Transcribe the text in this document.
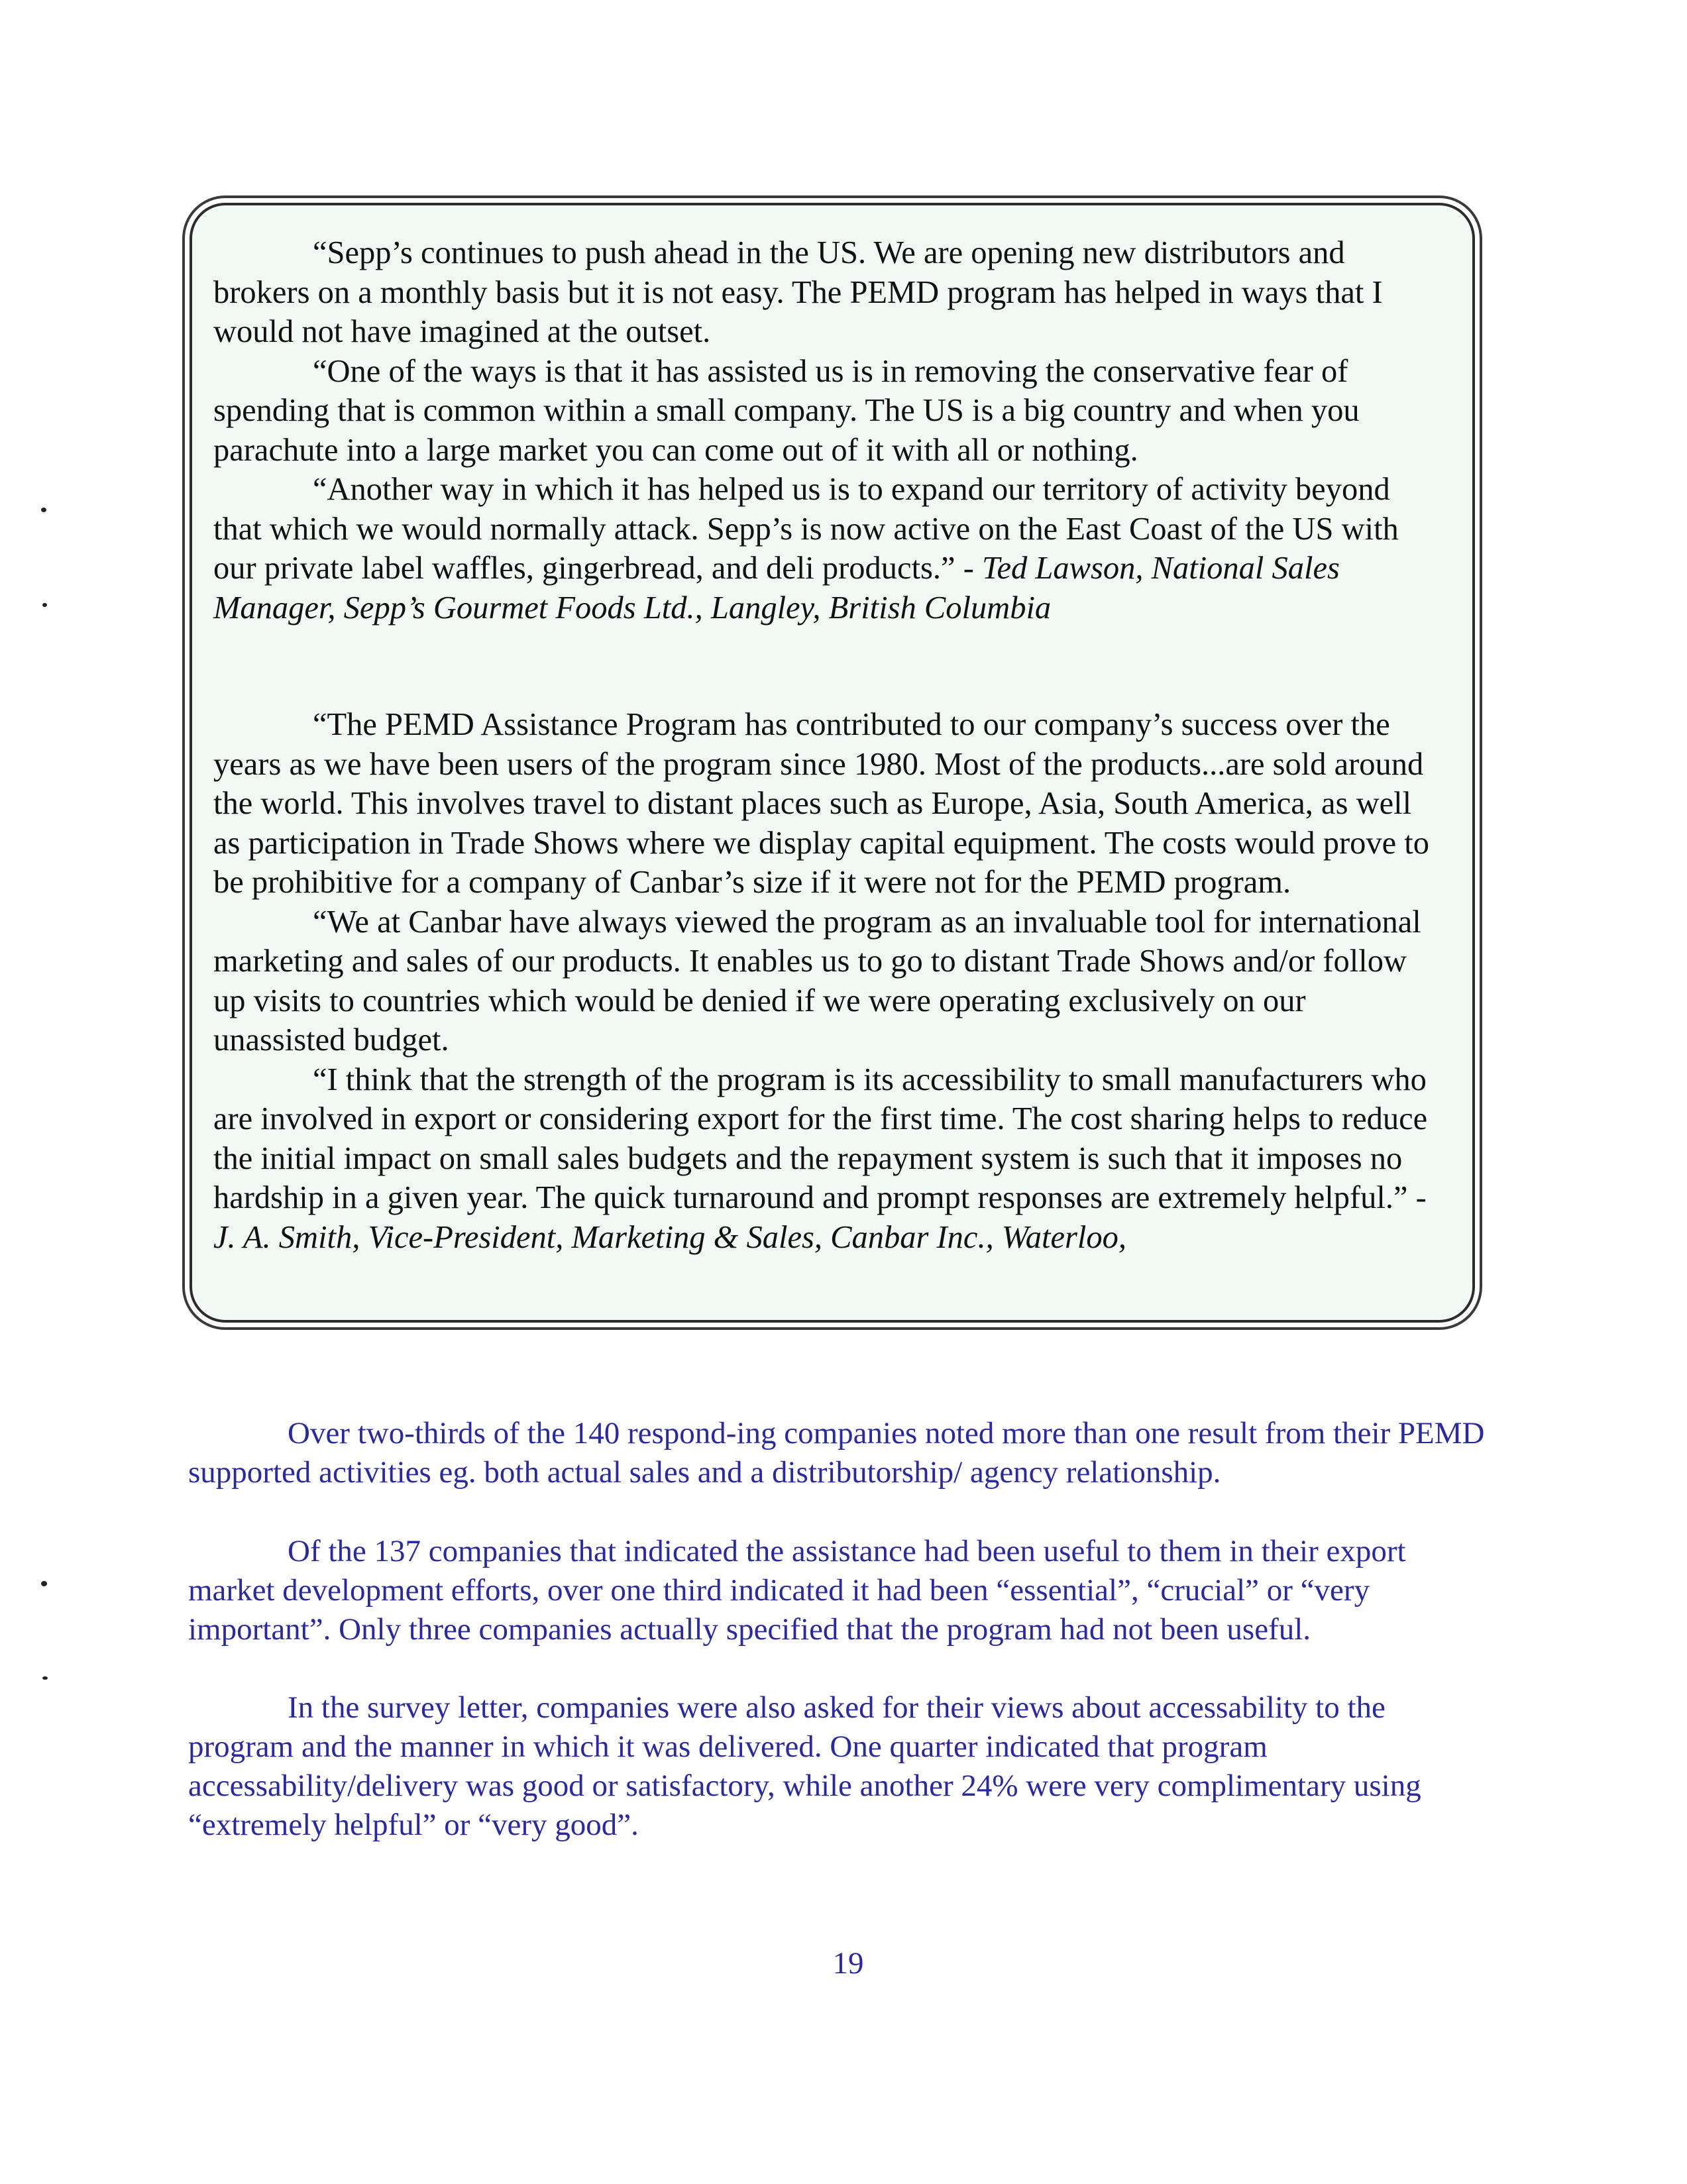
“Sepp’s continues to push ahead in the US. We are opening new distributors and brokers on a monthly basis but it is not easy. The PEMD program has helped in ways that I would not have imagined at the outset.

“One of the ways is that it has assisted us is in removing the conservative fear of spending that is common within a small company. The US is a big country and when you parachute into a large market you can come out of it with all or nothing.

“Another way in which it has helped us is to expand our territory of activity beyond that which we would normally attack. Sepp’s is now active on the East Coast of the US with our private label waffles, gingerbread, and deli products.” - Ted Lawson, National Sales Manager, Sepp’s Gourmet Foods Ltd., Langley, British Columbia

“The PEMD Assistance Program has contributed to our company’s success over the years as we have been users of the program since 1980. Most of the products...are sold around the world. This involves travel to distant places such as Europe, Asia, South America, as well as participation in Trade Shows where we display capital equipment. The costs would prove to be prohibitive for a company of Canbar’s size if it were not for the PEMD program.

“We at Canbar have always viewed the program as an invaluable tool for international marketing and sales of our products. It enables us to go to distant Trade Shows and/or follow up visits to countries which would be denied if we were operating exclusively on our unassisted budget.

“I think that the strength of the program is its accessibility to small manufacturers who are involved in export or considering export for the first time. The cost sharing helps to reduce the initial impact on small sales budgets and the repayment system is such that it imposes no hardship in a given year. The quick turnaround and prompt responses are extremely helpful.” - J. A. Smith, Vice-President, Marketing & Sales, Canbar Inc., Waterloo,

Over two-thirds of the 140 respond-ing companies noted more than one result from their PEMD supported activities eg. both actual sales and a distributorship/ agency relationship.

Of the 137 companies that indicated the assistance had been useful to them in their export market development efforts, over one third indicated it had been “essential”, “crucial” or “very important”. Only three companies actually specified that the program had not been useful.

In the survey letter, companies were also asked for their views about accessability to the program and the manner in which it was delivered. One quarter indicated that program accessability/delivery was good or satisfactory, while another 24% were very complimentary using “extremely helpful” or “very good”.

19
